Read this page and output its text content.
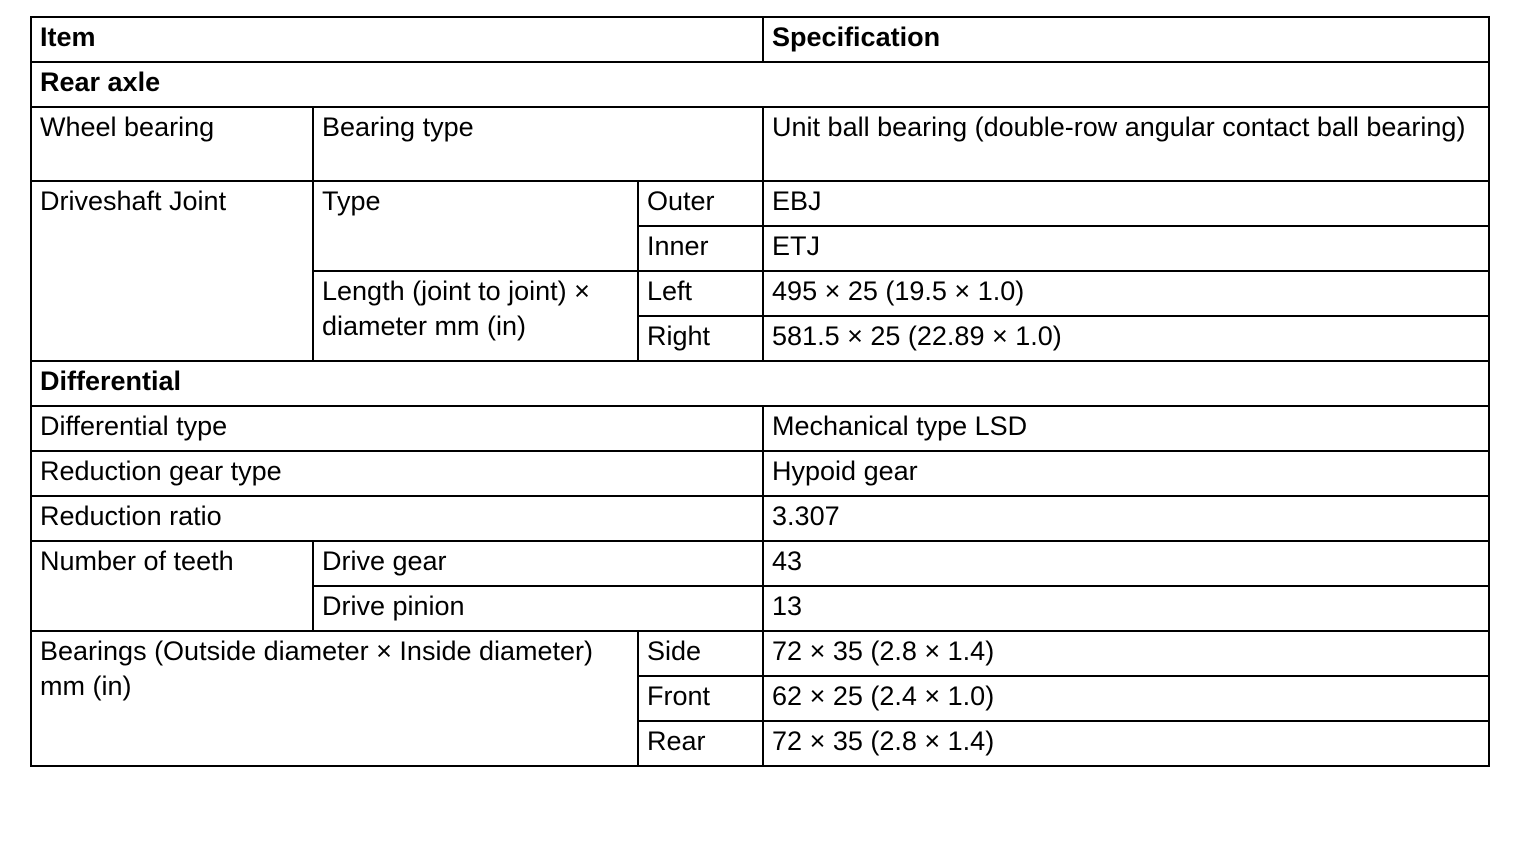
Item			Specification
Rear axle			
Wheel bearing	Bearing type		Unit ball bearing (double-row angular contact ball bearing)
Driveshaft Joint	Type	Outer	EBJ
		Inner	ETJ
	Length (joint to joint) × diameter mm (in)	Left	495 × 25 (19.5 × 1.0)
		Right	581.5 × 25 (22.89 × 1.0)
Differential			
Differential type			Mechanical type LSD
Reduction gear type			Hypoid gear
Reduction ratio			3.307
Number of teeth	Drive gear		43
	Drive pinion		13
Bearings (Outside diameter × Inside diameter) mm (in)		Side	72 × 35 (2.8 × 1.4)
		Front	62 × 25 (2.4 × 1.0)
		Rear	72 × 35 (2.8 × 1.4)
